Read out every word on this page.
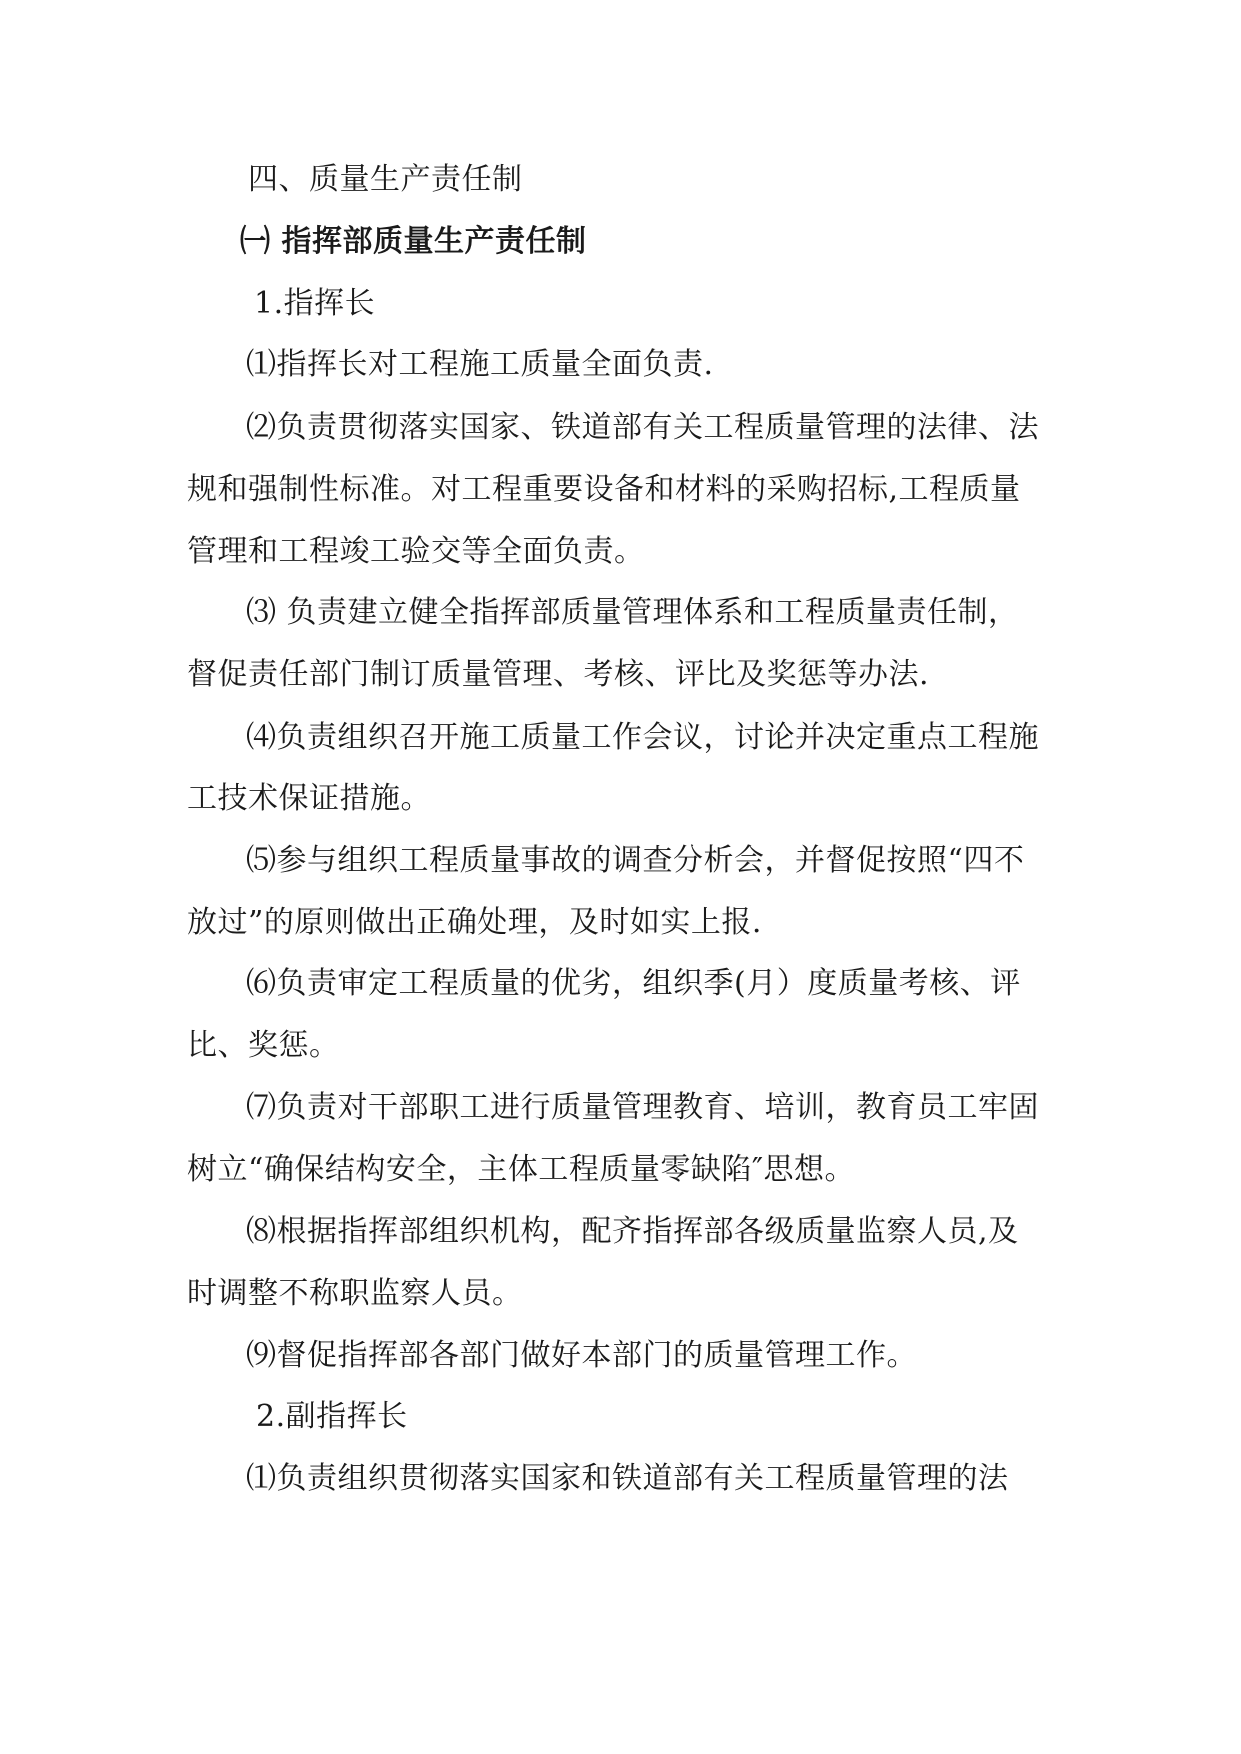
四、质量生产责任制
㈠ 指挥部质量生产责任制
1.指挥长
⑴指挥长对工程施工质量全面负责.
⑵负责贯彻落实国家、铁道部有关工程质量管理的法律、法
规和强制性标准。对工程重要设备和材料的采购招标,工程质量
管理和工程竣工验交等全面负责。
⑶ 负责建立健全指挥部质量管理体系和工程质量责任制，
督促责任部门制订质量管理、考核、评比及奖惩等办法.
⑷负责组织召开施工质量工作会议，讨论并决定重点工程施
工技术保证措施。
⑸参与组织工程质量事故的调查分析会，并督促按照“四不
放过”的原则做出正确处理，及时如实上报.
⑹负责审定工程质量的优劣，组织季(月）度质量考核、评
比、奖惩。
⑺负责对干部职工进行质量管理教育、培训，教育员工牢固
树立“确保结构安全，主体工程质量零缺陷″思想。
⑻根据指挥部组织机构，配齐指挥部各级质量监察人员,及
时调整不称职监察人员。
⑼督促指挥部各部门做好本部门的质量管理工作。
2.副指挥长
⑴负责组织贯彻落实国家和铁道部有关工程质量管理的法
